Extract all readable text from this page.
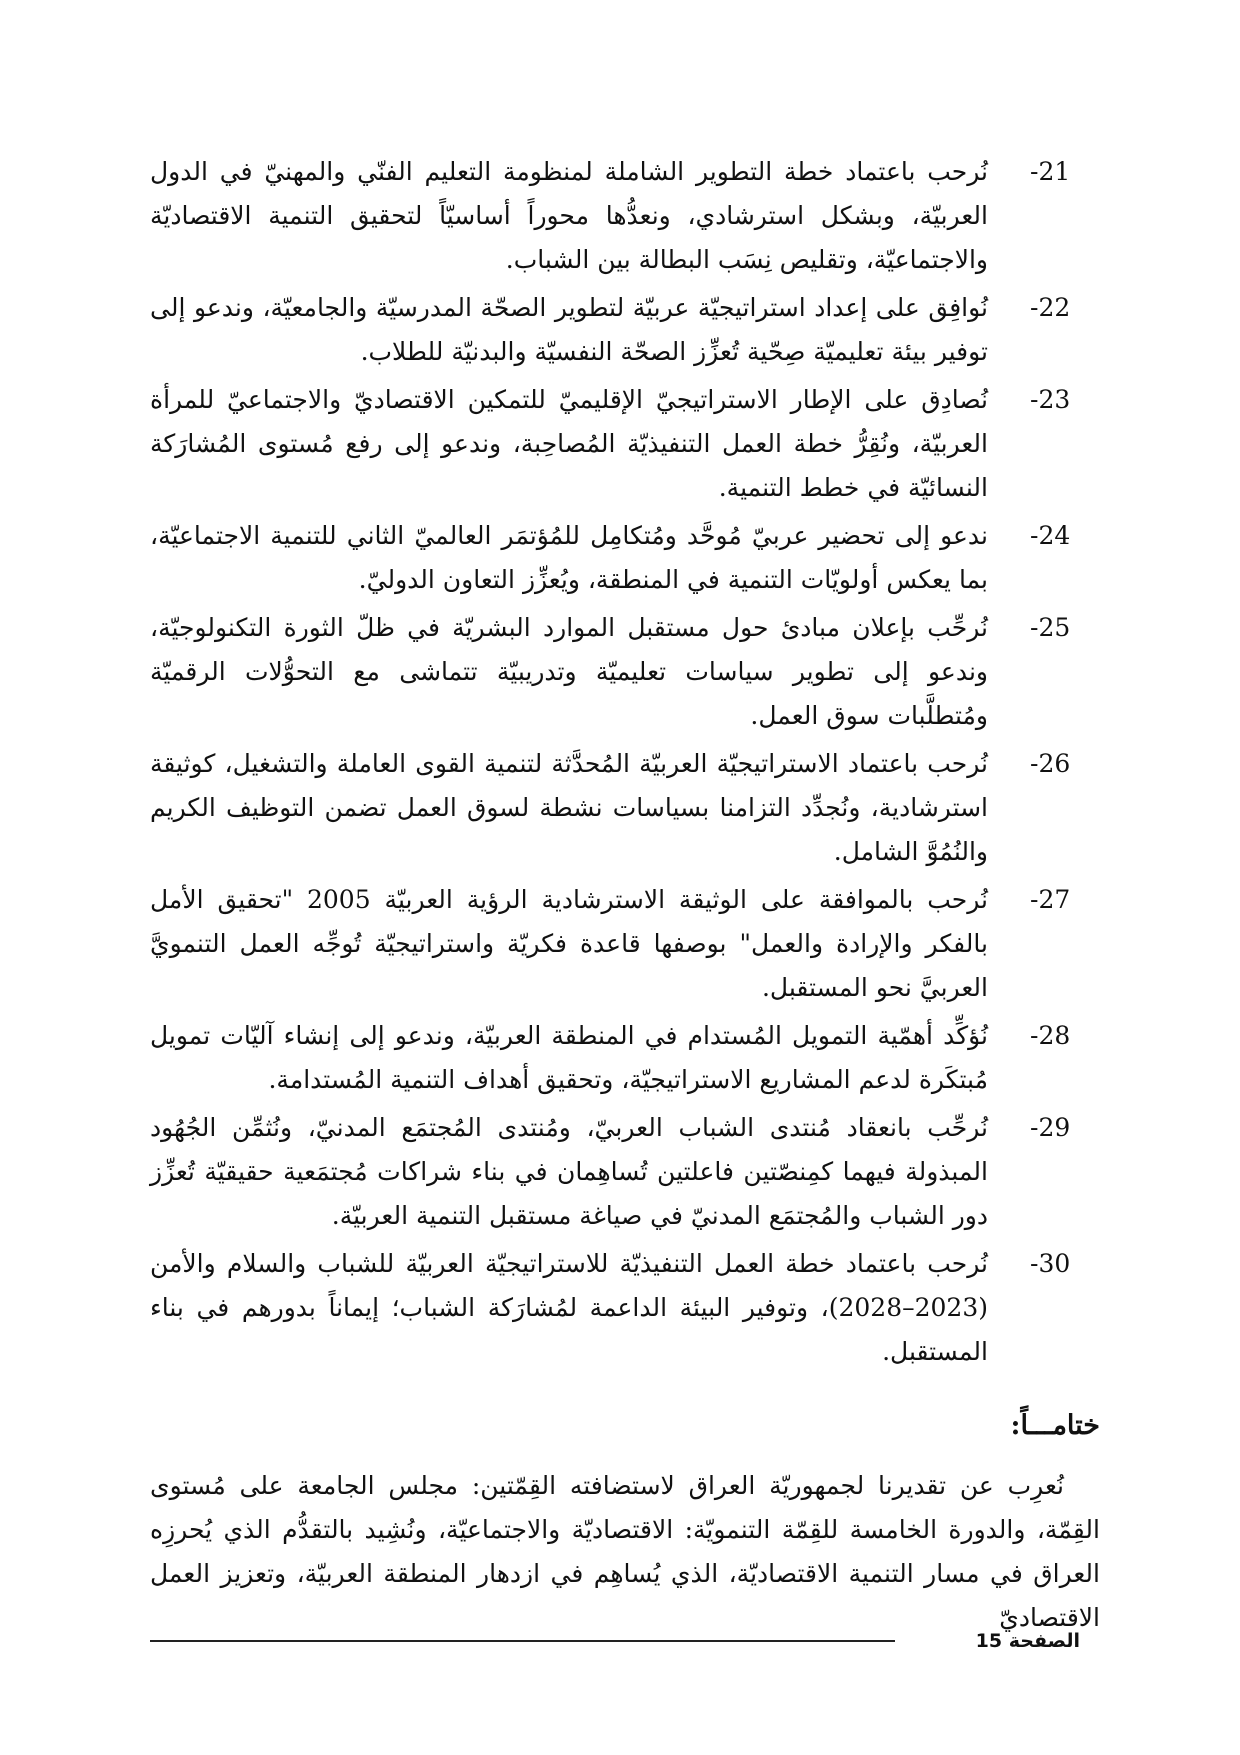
-21
نُرحب باعتماد خطة التطوير الشاملة لمنظومة التعليم الفنّي والمهنيّ في الدول العربيّة، وبشكل استرشادي، ونعدُّها محوراً أساسيّاً لتحقيق التنمية الاقتصاديّة والاجتماعيّة، وتقليص نِسَب البطالة بين الشباب.
-22
نُوافِق على إعداد استراتيجيّة عربيّة لتطوير الصحّة المدرسيّة والجامعيّة، وندعو إلى توفير بيئة تعليميّة صِحّية تُعزِّز الصحّة النفسيّة والبدنيّة للطلاب.
-23
نُصادِق على الإطار الاستراتيجيّ الإقليميّ للتمكين الاقتصاديّ والاجتماعيّ للمرأة العربيّة، ونُقِرُّ خطة العمل التنفيذيّة المُصاحِبة، وندعو إلى رفع مُستوى المُشارَكة النسائيّة في خطط التنمية.
-24
ندعو إلى تحضير عربيّ مُوحَّد ومُتكامِل للمُؤتمَر العالميّ الثاني للتنمية الاجتماعيّة، بما يعكس أولويّات التنمية في المنطقة، ويُعزِّز التعاون الدوليّ.
-25
نُرحِّب بإعلان مبادئ حول مستقبل الموارد البشريّة في ظلّ الثورة التكنولوجيّة، وندعو إلى تطوير سياسات تعليميّة وتدريبيّة تتماشى مع التحوُّلات الرقميّة ومُتطلَّبات سوق العمل.
-26
نُرحب باعتماد الاستراتيجيّة العربيّة المُحدَّثة لتنمية القوى العاملة والتشغيل، كوثيقة استرشادية، ونُجدِّد التزامنا بسياسات نشطة لسوق العمل تضمن التوظيف الكريم والنُمُوَّ الشامل.
-27
نُرحب بالموافقة على الوثيقة الاسترشادية الرؤية العربيّة 2005 "تحقيق الأمل بالفكر والإرادة والعمل" بوصفها قاعدة فكريّة واستراتيجيّة تُوجِّه العمل التنمويَّ العربيَّ نحو المستقبل.
-28
نُؤكِّد أهمّية التمويل المُستدام في المنطقة العربيّة، وندعو إلى إنشاء آليّات تمويل مُبتكَرة لدعم المشاريع الاستراتيجيّة، وتحقيق أهداف التنمية المُستدامة.
-29
نُرحِّب بانعقاد مُنتدى الشباب العربيّ، ومُنتدى المُجتمَع المدنيّ، ونُثمِّن الجُهُود المبذولة فيهما كمِنصّتين فاعلتين تُساهِمان في بناء شراكات مُجتمَعية حقيقيّة تُعزِّز دور الشباب والمُجتمَع المدنيّ في صياغة مستقبل التنمية العربيّة.
-30
نُرحب باعتماد خطة العمل التنفيذيّة للاستراتيجيّة العربيّة للشباب والسلام والأمن (2023–2028)، وتوفير البيئة الداعمة لمُشارَكة الشباب؛ إيماناً بدورهم في بناء المستقبل.
ختامـــاً:
نُعرِب عن تقديرنا لجمهوريّة العراق لاستضافته القِمّتين: مجلس الجامعة على مُستوى القِمّة، والدورة الخامسة للقِمّة التنمويّة: الاقتصاديّة والاجتماعيّة، ونُشِيد بالتقدُّم الذي يُحرزِه العراق في مسار التنمية الاقتصاديّة، الذي يُساهِم في ازدهار المنطقة العربيّة، وتعزيز العمل الاقتصاديّ
الصفحة 15
